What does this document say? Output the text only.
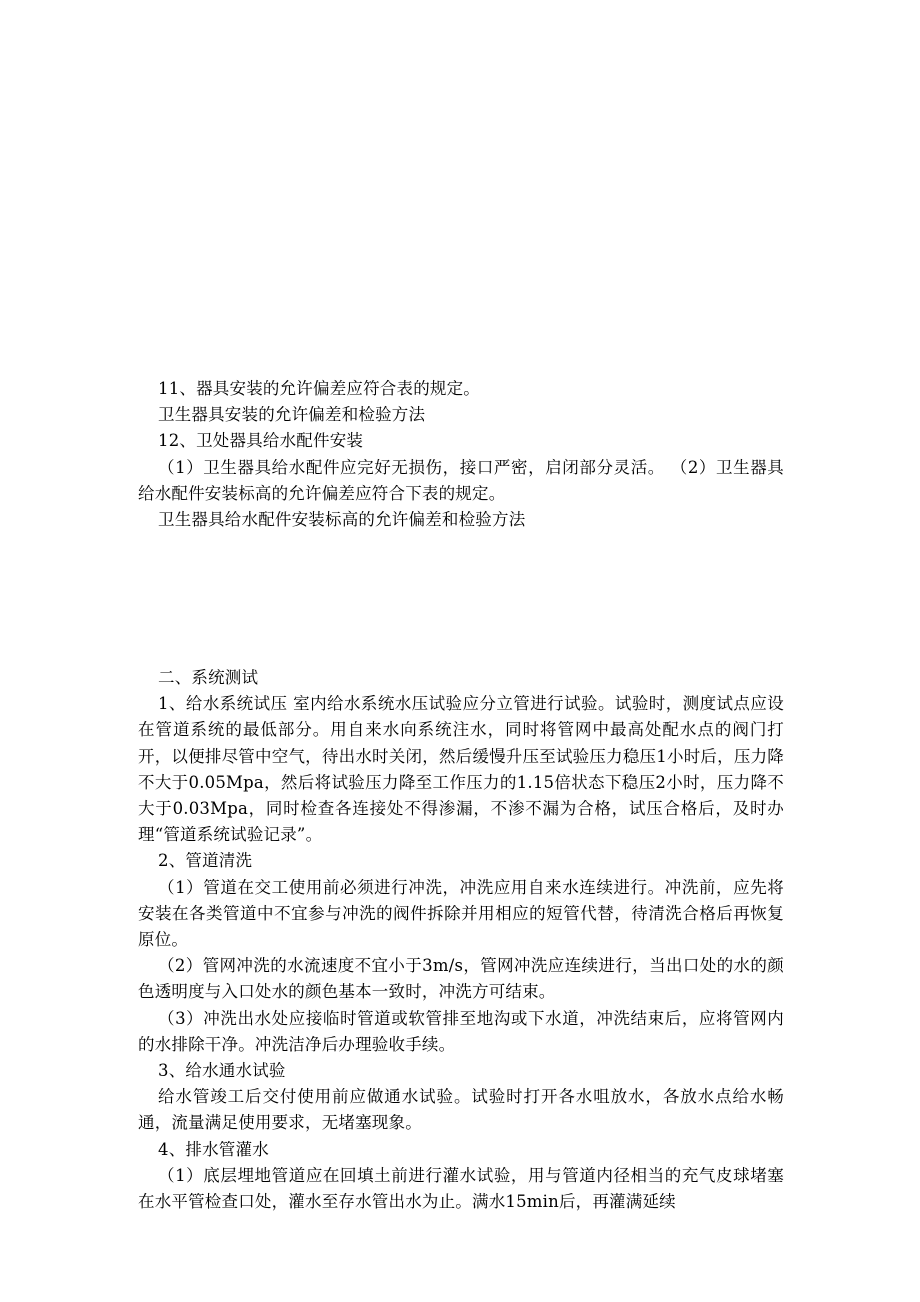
11、器具安装的允许偏差应符合表的规定。

卫生器具安装的允许偏差和检验方法

12、卫处器具给水配件安装

（1）卫生器具给水配件应完好无损伤，接口严密，启闭部分灵活。 （2）卫生器具给水配件安装标高的允许偏差应符合下表的规定。

卫生器具给水配件安装标高的允许偏差和检验方法

二、系统测试

1、给水系统试压 室内给水系统水压试验应分立管进行试验。试验时，测度试点应设在管道系统的最低部分。用自来水向系统注水，同时将管网中最高处配水点的阀门打开，以便排尽管中空气，待出水时关闭，然后缓慢升压至试验压力稳压1小时后，压力降不大于0.05Mpa，然后将试验压力降至工作压力的1.15倍状态下稳压2小时，压力降不大于0.03Mpa，同时检查各连接处不得渗漏，不渗不漏为合格，试压合格后，及时办理“管道系统试验记录”。

2、管道清洗

（1）管道在交工使用前必须进行冲洗，冲洗应用自来水连续进行。冲洗前，应先将安装在各类管道中不宜参与冲洗的阀件拆除并用相应的短管代替，待清洗合格后再恢复原位。

（2）管网冲洗的水流速度不宜小于3m/s，管网冲洗应连续进行，当出口处的水的颜色透明度与入口处水的颜色基本一致时，冲洗方可结束。

（3）冲洗出水处应接临时管道或软管排至地沟或下水道，冲洗结束后，应将管网内的水排除干净。冲洗洁净后办理验收手续。

3、给水通水试验

给水管竣工后交付使用前应做通水试验。试验时打开各水咀放水，各放水点给水畅通，流量满足使用要求，无堵塞现象。

4、排水管灌水

（1）底层埋地管道应在回填土前进行灌水试验，用与管道内径相当的充气皮球堵塞在水平管检查口处，灌水至存水管出水为止。满水15min后，再灌满延续
